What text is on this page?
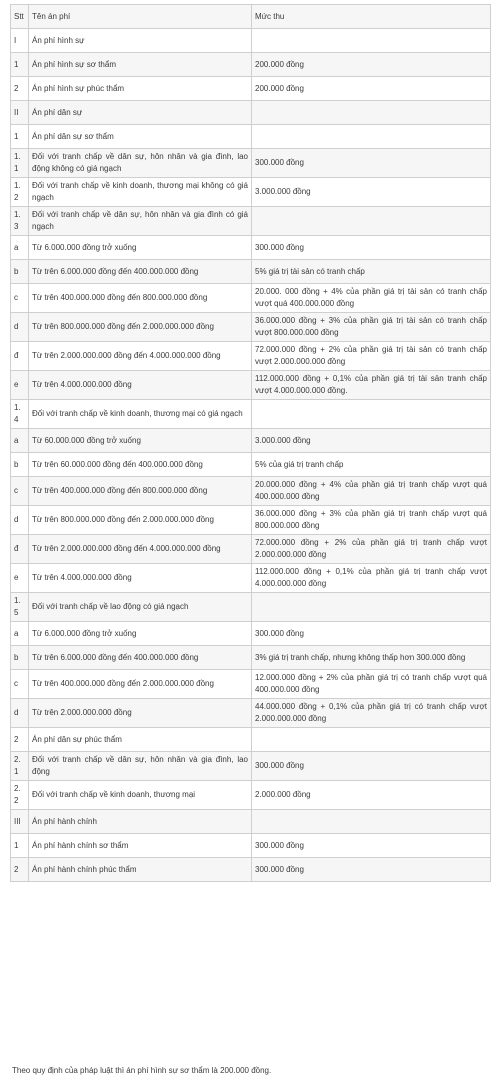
Stt	Tên án phí	Mức thu
I	Án phí hình sự	
1	Án phí hình sự sơ thẩm	200.000 đồng
2	Án phí hình sự phúc thẩm	200.000 đồng
II	Án phí dân sự	
1	Án phí dân sự sơ thẩm	
1.1	Đối với tranh chấp về dân sự, hôn nhân và gia đình, lao động không có giá ngạch	300.000 đồng
1.2	Đối với tranh chấp về kinh doanh, thương mại không có giá ngạch	3.000.000 đồng
1.3	Đối với tranh chấp về dân sự, hôn nhân và gia đình có giá ngạch	
a	Từ 6.000.000 đồng trở xuống	300.000 đồng
b	Từ trên 6.000.000 đồng đến 400.000.000 đồng	5% giá trị tài sản có tranh chấp
c	Từ trên 400.000.000 đồng đến 800.000.000 đồng	20.000. 000 đồng + 4% của phần giá trị tài sản có tranh chấp vượt quá 400.000.000 đồng
d	Từ trên 800.000.000 đồng đến 2.000.000.000 đồng	36.000.000 đồng + 3% của phần giá trị tài sản có tranh chấp vượt 800.000.000 đồng
đ	Từ trên 2.000.000.000 đồng đến 4.000.000.000 đồng	72.000.000 đồng + 2% của phần giá trị tài sản có tranh chấp vượt 2.000.000.000 đồng
e	Từ trên 4.000.000.000 đồng	112.000.000 đồng + 0,1% của phần giá trị tài sản tranh chấp vượt 4.000.000.000 đồng.
1.4	Đối với tranh chấp về kinh doanh, thương mại có giá ngạch	
a	Từ 60.000.000 đồng trở xuống	3.000.000 đồng
b	Từ trên 60.000.000 đồng đến 400.000.000 đồng	5% của giá trị tranh chấp
c	Từ trên 400.000.000 đồng đến 800.000.000 đồng	20.000.000 đồng + 4% của phần giá trị tranh chấp vượt quá 400.000.000 đồng
d	Từ trên 800.000.000 đồng đến 2.000.000.000 đồng	36.000.000 đồng + 3% của phần giá trị tranh chấp vượt quá 800.000.000 đồng
đ	Từ trên 2.000.000.000 đồng đến 4.000.000.000 đồng	72.000.000 đồng + 2% của phần giá trị tranh chấp vượt 2.000.000.000 đồng
e	Từ trên 4.000.000.000 đồng	112.000.000 đồng + 0,1% của phần giá trị tranh chấp vượt 4.000.000.000 đồng
1.5	Đối với tranh chấp về lao động có giá ngạch	
a	Từ 6.000.000 đồng trở xuống	300.000 đồng
b	Từ trên 6.000.000 đồng đến 400.000.000 đồng	3% giá trị tranh chấp, nhưng không thấp hơn 300.000 đồng
c	Từ trên 400.000.000 đồng đến 2.000.000.000 đồng	12.000.000 đồng + 2% của phần giá trị có tranh chấp vượt quá 400.000.000 đồng
d	Từ trên 2.000.000.000 đồng	44.000.000 đồng + 0,1% của phần giá trị có tranh chấp vượt 2.000.000.000 đồng
2	Án phí dân sự phúc thẩm	
2.1	Đối với tranh chấp về dân sự, hôn nhân và gia đình, lao động	300.000 đồng
2.2	Đối với tranh chấp về kinh doanh, thương mại	2.000.000 đồng
III	Án phí hành chính	
1	Án phí hành chính sơ thẩm	300.000 đồng
2	Án phí hành chính phúc thẩm	300.000 đồng
Theo quy định của pháp luật thì án phí hình sự sơ thẩm là 200.000 đồng.
